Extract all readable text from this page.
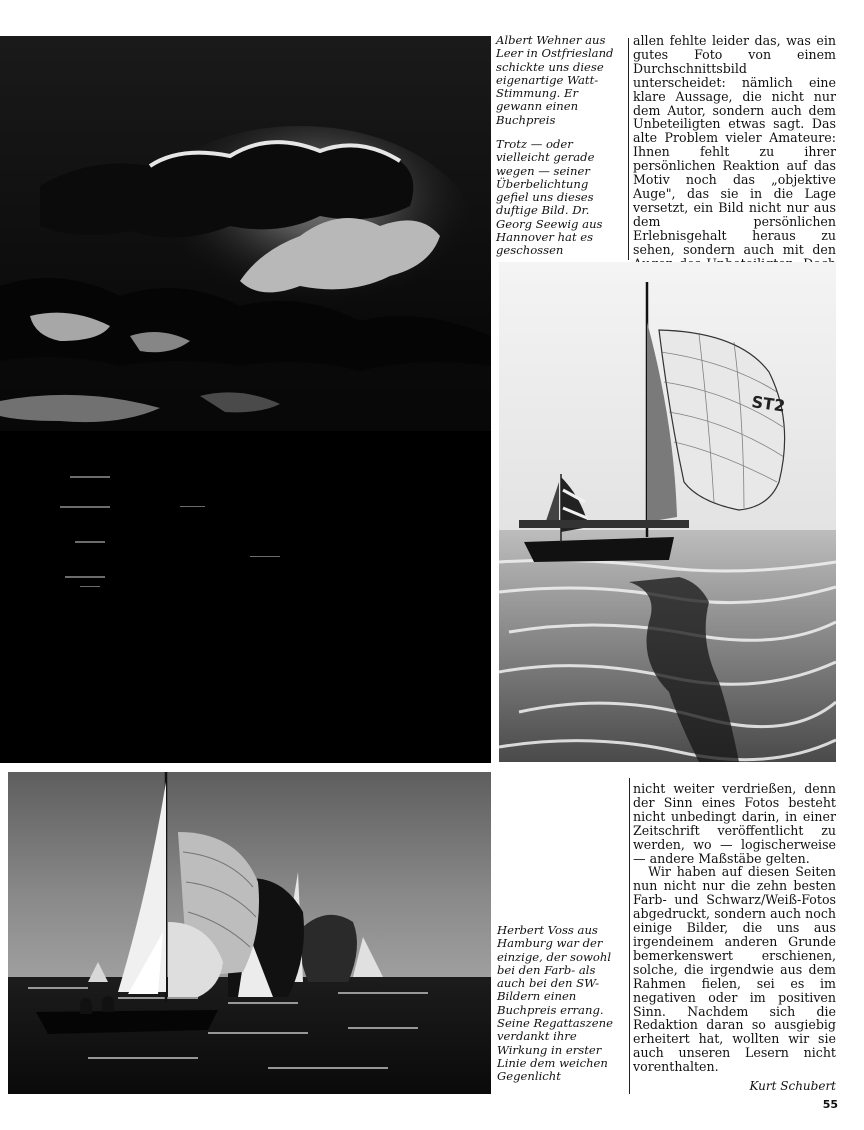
Albert Wehner aus Leer in Ostfriesland schickte uns diese eigenartige Watt-Stimmung. Er gewann einen Buchpreis

Trotz — oder vielleicht gerade wegen — seiner Überbelichtung gefiel uns dieses duftige Bild. Dr. Georg Seewig aus Hannover hat es geschossen

allen fehlte leider das, was ein gutes Foto von einem Durchschnittsbild unterscheidet: nämlich eine klare Aussage, die nicht nur dem Autor, sondern auch dem Unbeteiligten etwas sagt. Das alte Problem vieler Amateure: Ihnen fehlt zu ihrer persönlichen Reaktion auf das Motiv noch das „objektive Auge", das sie in die Lage versetzt, ein Bild nicht nur aus dem persönlichen Erlebnisgehalt heraus zu sehen, sondern auch mit den

ST2

Herbert Voss aus Hamburg war der einzige, der sowohl bei den Farb- als auch bei den SW-Bildern einen Buchpreis errang. Seine Regattaszene verdankt ihre Wirkung in erster Linie dem weichen Gegenlicht

nicht weiter verdrießen, denn der Sinn eines Fotos besteht nicht unbedingt darin, in einer Zeitschrift veröffentlicht zu werden, wo — logischerweise — andere Maßstäbe gelten.

Wir haben auf diesen Seiten nun nicht nur die zehn besten Farb- und Schwarz/Weiß-Fotos abgedruckt, sondern auch noch einige Bilder, die uns aus irgendeinem anderen Grunde bemerkenswert erschienen, solche, die irgendwie aus dem Rahmen fielen, sei es im negativen oder im positiven Sinn. Nachdem sich die Redaktion daran so ausgiebig erheitert hat, wollten wir sie auch unseren Lesern nicht vorenthalten.

Kurt Schubert
55
